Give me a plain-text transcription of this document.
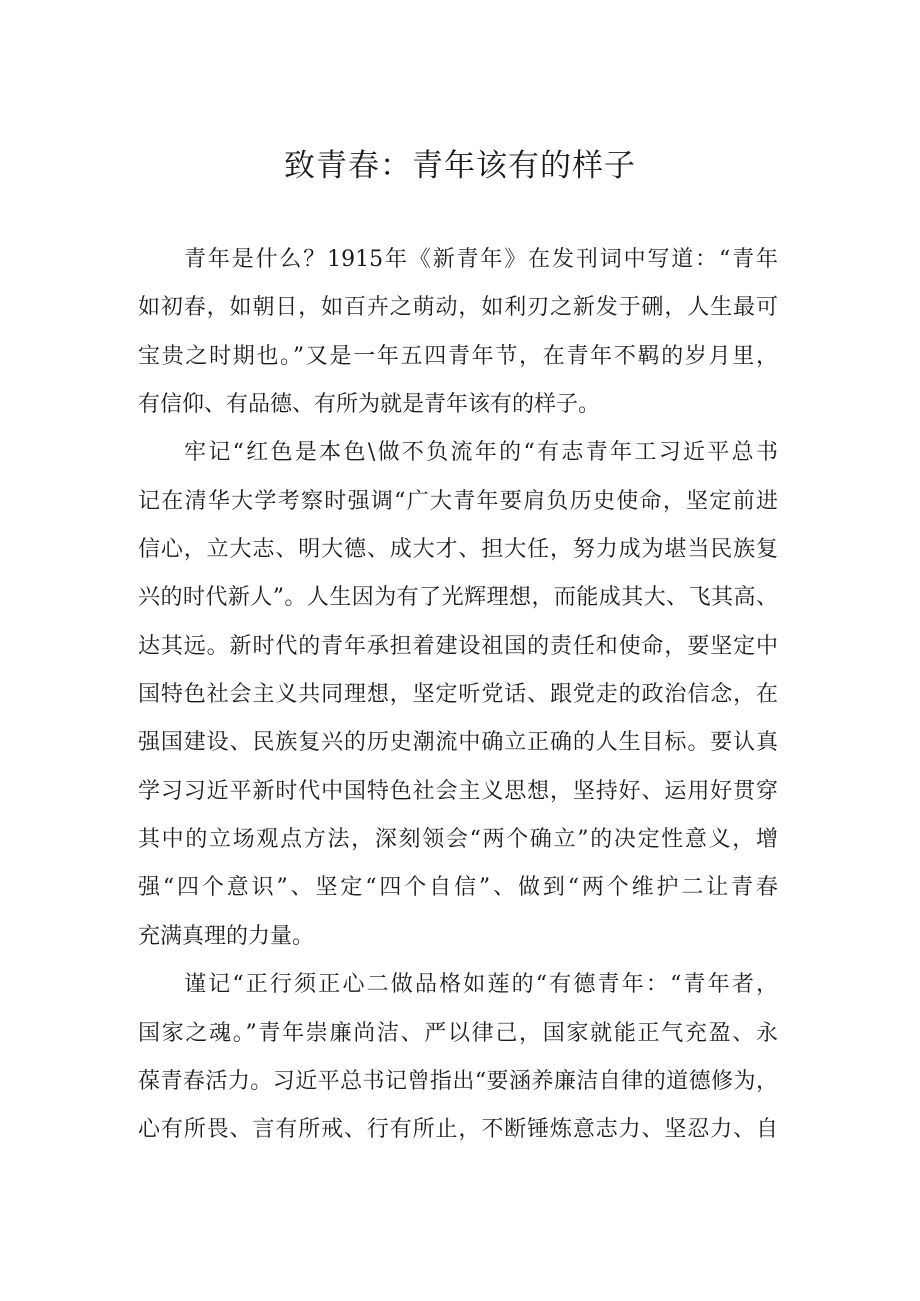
致青春：青年该有的样子
青年是什么？1915年《新青年》在发刊词中写道：“青年
如初春，如朝日，如百卉之萌动，如利刃之新发于硎，人生最可
宝贵之时期也。”又是一年五四青年节，在青年不羁的岁月里，
有信仰、有品德、有所为就是青年该有的样子。
牢记“红色是本色\做不负流年的“有志青年工习近平总书
记在清华大学考察时强调“广大青年要肩负历史使命，坚定前进
信心，立大志、明大德、成大才、担大任，努力成为堪当民族复
兴的时代新人”。人生因为有了光辉理想，而能成其大、飞其高、
达其远。新时代的青年承担着建设祖国的责任和使命，要坚定中
国特色社会主义共同理想，坚定听党话、跟党走的政治信念，在
强国建设、民族复兴的历史潮流中确立正确的人生目标。要认真
学习习近平新时代中国特色社会主义思想，坚持好、运用好贯穿
其中的立场观点方法，深刻领会“两个确立”的决定性意义，增
强“四个意识”、坚定“四个自信”、做到“两个维护二让青春
充满真理的力量。
谨记“正行须正心二做品格如莲的“有德青年：“青年者，
国家之魂。”青年崇廉尚洁、严以律己，国家就能正气充盈、永
葆青春活力。习近平总书记曾指出“要涵养廉洁自律的道德修为，
心有所畏、言有所戒、行有所止，不断锤炼意志力、坚忍力、自
